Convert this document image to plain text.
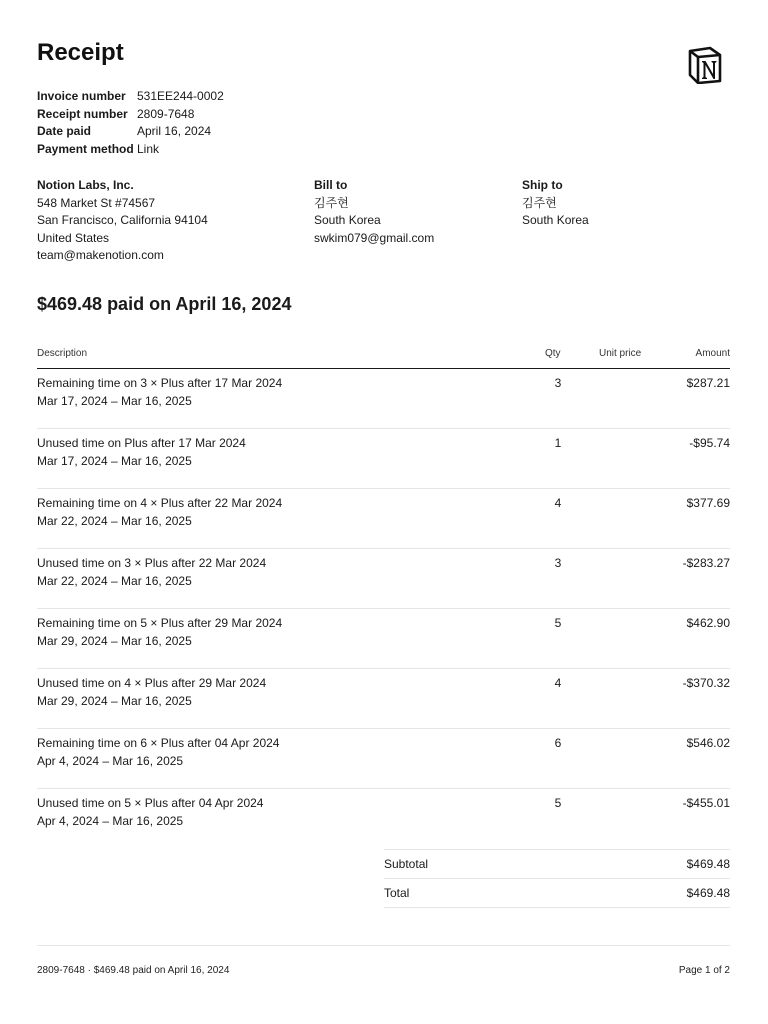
Receipt
Invoice number 531EE244-0002
Receipt number 2809-7648
Date paid	April 16, 2024
Payment method Link
Notion Labs, Inc.
548 Market St #74567
San Francisco, California 94104
United States
team@makenotion.com
Bill to
김주현
South Korea
swkim079@gmail.com
Ship to
김주현
South Korea
$469.48 paid on April 16, 2024
Description	Qty	Unit price	Amount
Remaining time on 3 × Plus after 17 Mar 2024
Mar 17, 2024 – Mar 16, 2025
3	$287.21
Unused time on Plus after 17 Mar 2024
Mar 17, 2024 – Mar 16, 2025
1	-$95.74
Remaining time on 4 × Plus after 22 Mar 2024
Mar 22, 2024 – Mar 16, 2025
4	$377.69
Unused time on 3 × Plus after 22 Mar 2024
Mar 22, 2024 – Mar 16, 2025
3	-$283.27
Remaining time on 5 × Plus after 29 Mar 2024
Mar 29, 2024 – Mar 16, 2025
5	$462.90
Unused time on 4 × Plus after 29 Mar 2024
Mar 29, 2024 – Mar 16, 2025
4	-$370.32
Remaining time on 6 × Plus after 04 Apr 2024
Apr 4, 2024 – Mar 16, 2025
6	$546.02
Unused time on 5 × Plus after 04 Apr 2024
Apr 4, 2024 – Mar 16, 2025
5	-$455.01
Subtotal	$469.48
Total	$469.48
2809-7648 · $469.48 paid on April 16, 2024	Page 1 of 2
